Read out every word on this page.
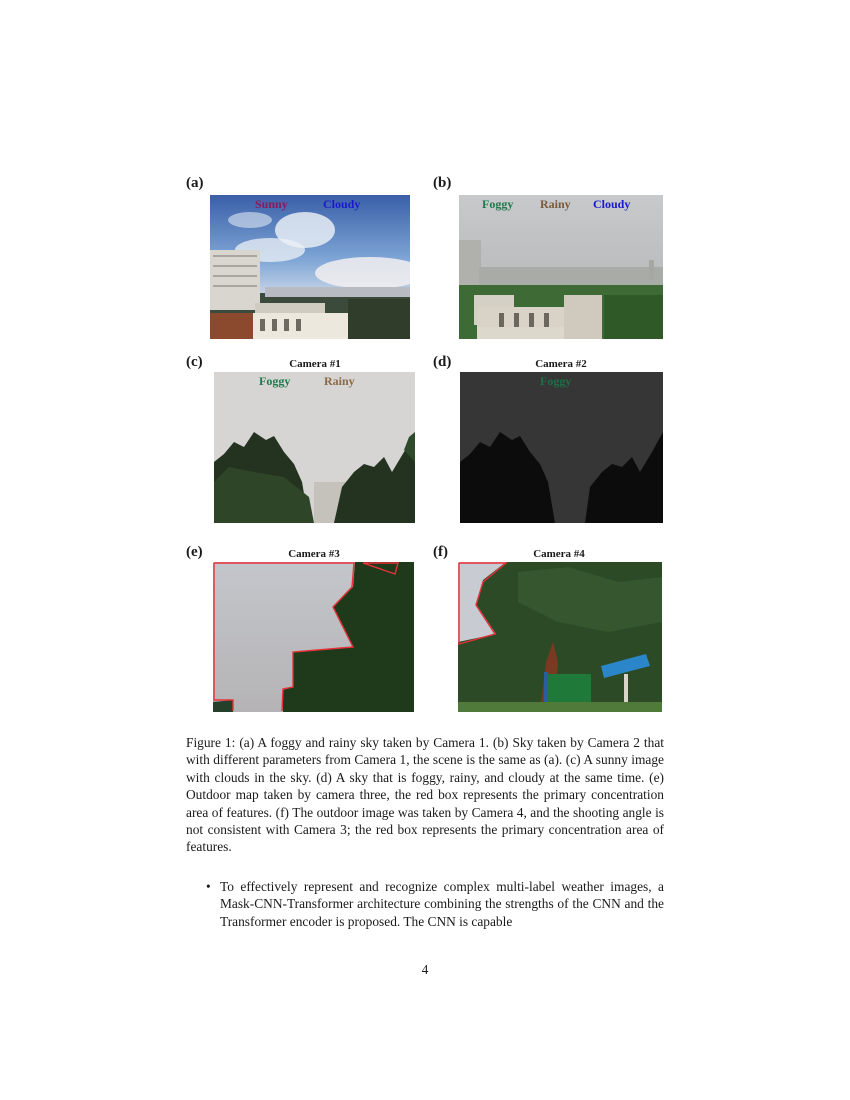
(a)
Sunny	Cloudy
(b)
Foggy Rainy Cloudy
(c)	Camera #1
Foggy	Rainy
(d)	Camera #2
Foggy
(e)	Camera #3	(f)	Camera #4
Figure 1: (a) A foggy and rainy sky taken by Camera 1. (b) Sky taken by Camera 2 that with different parameters from Camera 1, the scene is the same as (a). (c) A sunny image with clouds in the sky. (d) A sky that is foggy, rainy, and cloudy at the same time. (e) Outdoor map taken by camera three, the red box represents the primary concentration area of features. (f) The outdoor image was taken by Camera 4, and the shooting angle is not consistent with Camera 3; the red box represents the primary concentration area of features.
• To effectively represent and recognize complex multi-label weather images, a Mask-CNN-Transformer architecture combining the strengths of the CNN and the Transformer encoder is proposed. The CNN is capable
4
